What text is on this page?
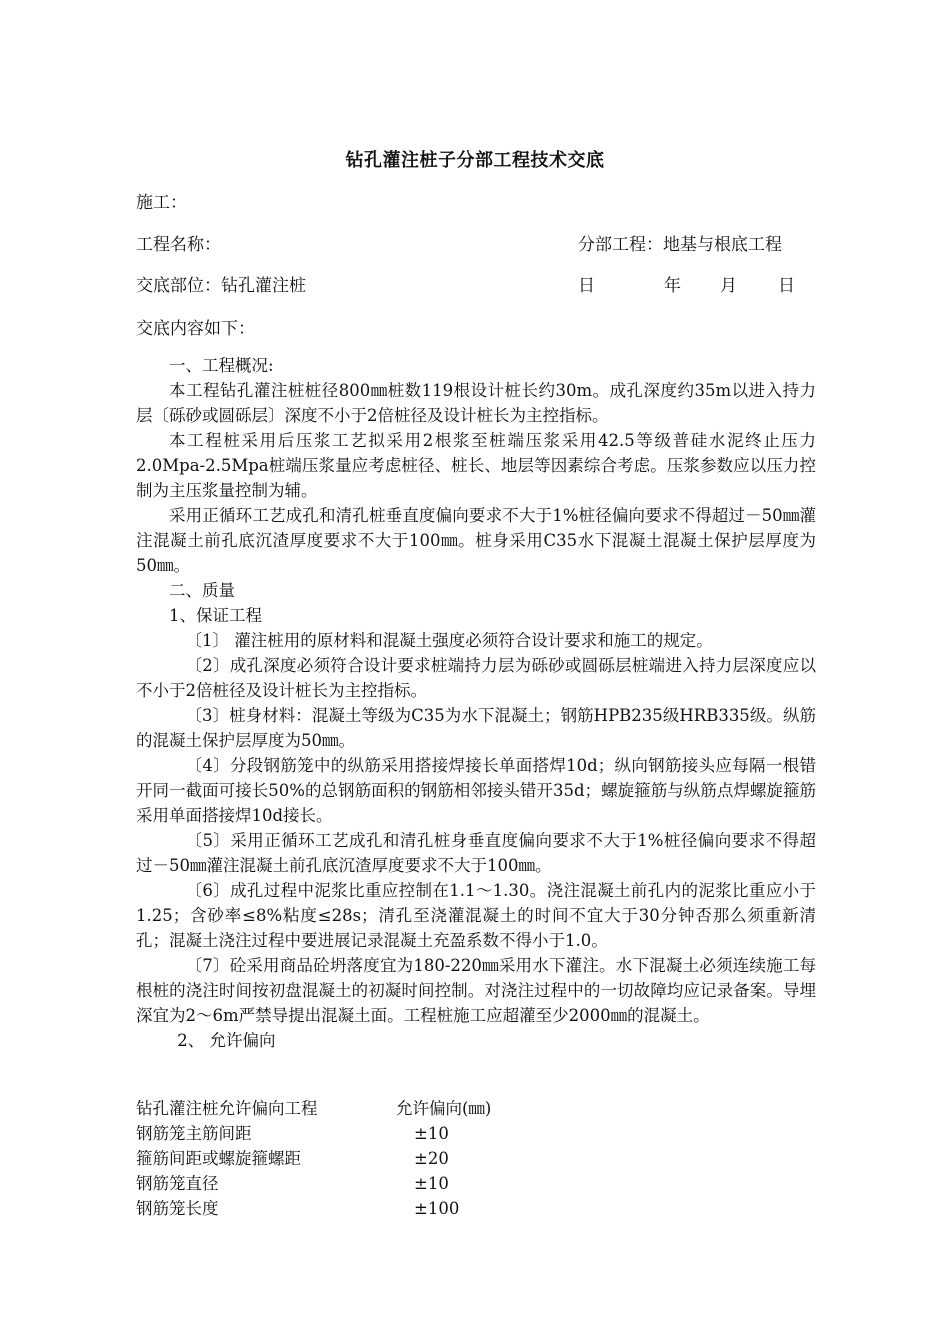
钻孔灌注桩子分部工程技术交底
施工：
工程名称：	分部工程：地基与根底工程
交底部位：钻孔灌注桩	日	年 月 日
交底内容如下：

一、工程概况:

本工程钻孔灌注桩桩径800㎜桩数119根设计桩长约30m。成孔深度约35m以进入持力层〔砾砂或圆砾层〕深度不小于2倍桩径及设计桩长为主控指标。

本工程桩采用后压浆工艺拟采用2根浆至桩端压浆采用42.5等级普硅水泥终止压力2.0Mpa-2.5Mpa桩端压浆量应考虑桩径、桩长、地层等因素综合考虑。压浆参数应以压力控制为主压浆量控制为辅。

采用正循环工艺成孔和清孔桩垂直度偏向要求不大于1%桩径偏向要求不得超过－50㎜灌注混凝土前孔底沉渣厚度要求不大于100㎜。桩身采用C35水下混凝土混凝土保护层厚度为50㎜。

二、质量

1、保证工程

〔1〕 灌注桩用的原材料和混凝土强度必须符合设计要求和施工的规定。

〔2〕成孔深度必须符合设计要求桩端持力层为砾砂或圆砾层桩端进入持力层深度应以不小于2倍桩径及设计桩长为主控指标。

〔3〕桩身材料：混凝土等级为C35为水下混凝土；钢筋HPB235级HRB335级。纵筋的混凝土保护层厚度为50㎜。

〔4〕分段钢筋笼中的纵筋采用搭接焊接长单面搭焊10d；纵向钢筋接头应每隔一根错开同一截面可接长50%的总钢筋面积的钢筋相邻接头错开35d；螺旋箍筋与纵筋点焊螺旋箍筋采用单面搭接焊10d接长。

〔5〕采用正循环工艺成孔和清孔桩身垂直度偏向要求不大于1%桩径偏向要求不得超过－50㎜灌注混凝土前孔底沉渣厚度要求不大于100㎜。

〔6〕成孔过程中泥浆比重应控制在1.1～1.30。浇注混凝土前孔内的泥浆比重应小于1.25；含砂率≤8%粘度≤28s；清孔至浇灌混凝土的时间不宜大于30分钟否那么须重新清孔；混凝土浇注过程中要进展记录混凝土充盈系数不得小于1.0。

〔7〕砼采用商品砼坍落度宜为180-220㎜采用水下灌注。水下混凝土必须连续施工每根桩的浇注时间按初盘混凝土的初凝时间控制。对浇注过程中的一切故障均应记录备案。导埋深宜为2～6m严禁导提出混凝土面。工程桩施工应超灌至少2000㎜的混凝土。

2、 允许偏向

钻孔灌注桩允许偏向工程	允许偏向(㎜)
钢筋笼主筋间距	±10
箍筋间距或螺旋箍螺距	±20
钢筋笼直径	±10
钢筋笼长度	±100
